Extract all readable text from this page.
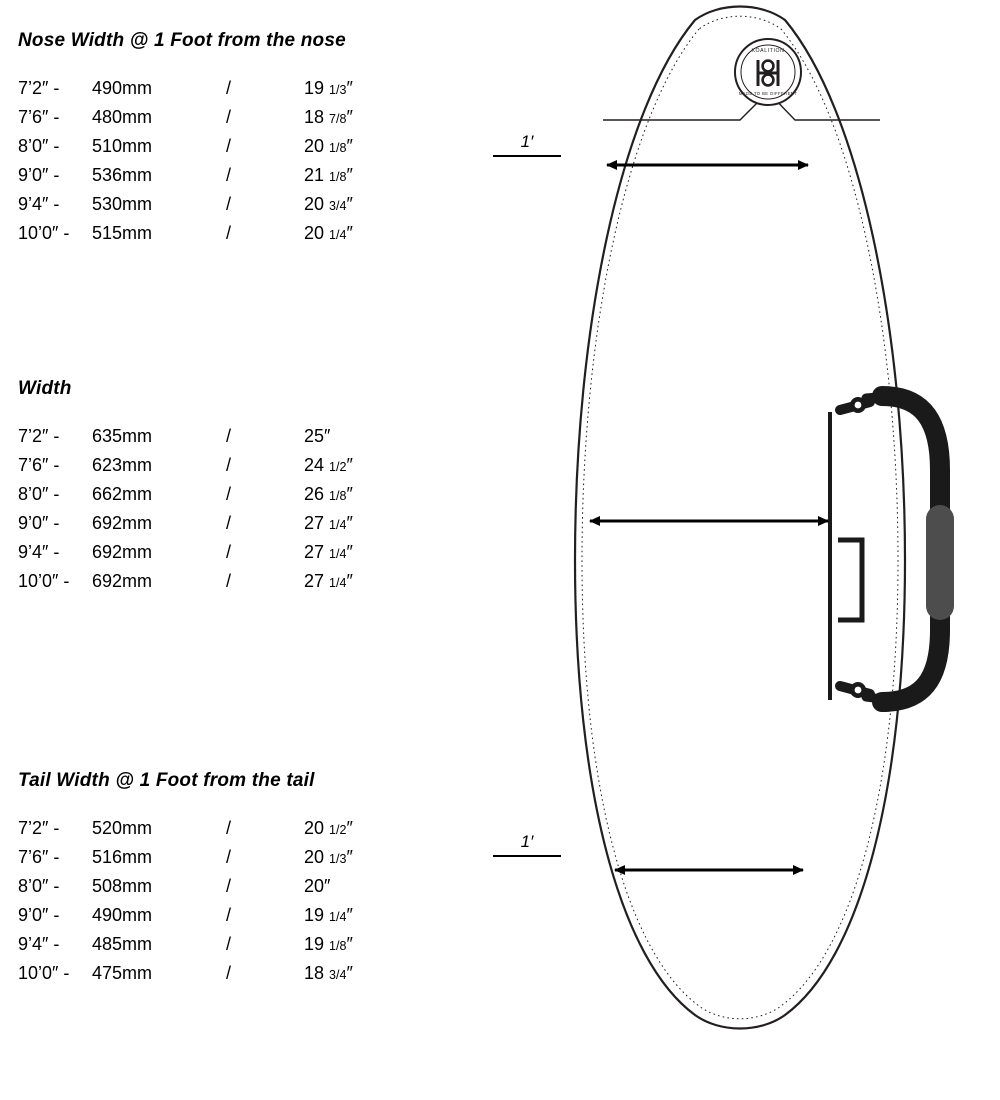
Nose Width @ 1 Foot from the nose
7’2″ -	490mm	/	19 1/3″
7’6″ -	480mm	/	18 7/8″
8’0″ -	510mm	/	20 1/8″
9’0″ -	536mm	/	21 1/8″
9’4″ -	530mm	/	20 3/4″
10’0″ -	515mm	/	20 1/4″
Width
7’2″ -	635mm	/	25″
7’6″ -	623mm	/	24 1/2″
8’0″ -	662mm	/	26 1/8″
9’0″ -	692mm	/	27 1/4″
9’4″ -	692mm	/	27 1/4″
10’0″ -	692mm	/	27 1/4″
Tail Width @ 1 Foot from the tail
7’2″ -	520mm	/	20 1/2″
7’6″ -	516mm	/	20 1/3″
8’0″ -	508mm	/	20″
9’0″ -	490mm	/	19 1/4″
9’4″ -	485mm	/	19 1/8″
10’0″ -	475mm	/	18 3/4″
1′
1′
KOALITION
MADE TO BE DIFFERENT
